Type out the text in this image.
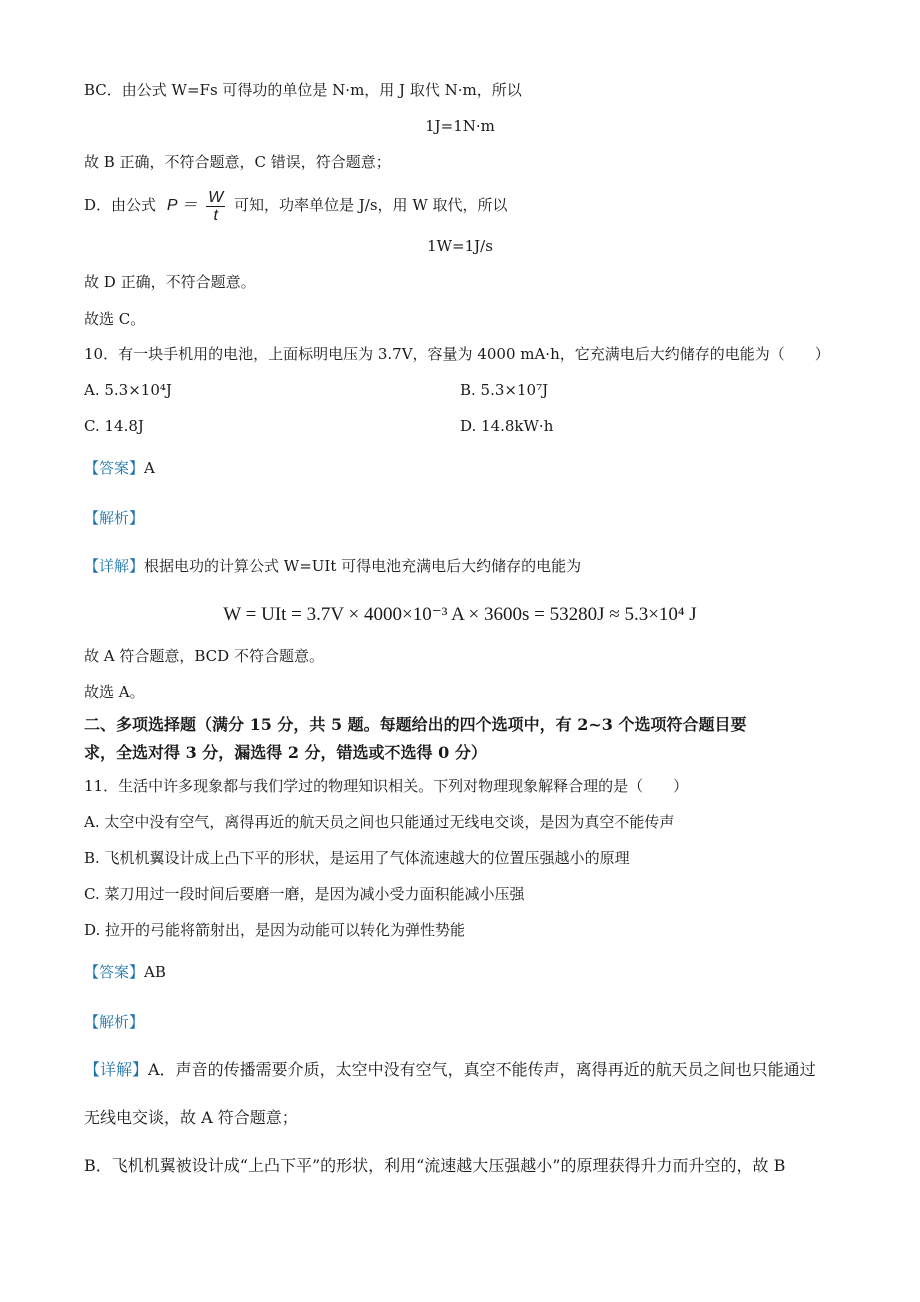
BC．由公式 W=Fs 可得功的单位是 N·m，用 J 取代 N·m，所以
1J=1N·m
故 B 正确，不符合题意，C 错误，符合题意；
D．由公式 $P = \frac{W}{t}$ 可知，功率单位是 J/s，用 W 取代，所以
1W=1J/s
故 D 正确，不符合题意。
故选 C。
10．有一块手机用的电池，上面标明电压为 3.7V，容量为 4000 mA·h，它充满电后大约储存的电能为（　　）
A. 5.3×10⁴J	B. 5.3×10⁷J
C. 14.8J	D. 14.8kW·h
【答案】A
【解析】
【详解】根据电功的计算公式 W=UIt 可得电池充满电后大约储存的电能为
W = UIt = 3.7V × 4000×10⁻³ A × 3600s = 53280J ≈ 5.3×10⁴ J
故 A 符合题意，BCD 不符合题意。
故选 A。
二、多项选择题（满分 15 分，共 5 题。每题给出的四个选项中，有 2~3 个选项符合题目要
求，全选对得 3 分，漏选得 2 分，错选或不选得 0 分）
11．生活中许多现象都与我们学过的物理知识相关。下列对物理现象解释合理的是（　　）
A. 太空中没有空气，离得再近的航天员之间也只能通过无线电交谈，是因为真空不能传声
B. 飞机机翼设计成上凸下平的形状，是运用了气体流速越大的位置压强越小的原理
C. 菜刀用过一段时间后要磨一磨，是因为减小受力面积能减小压强
D. 拉开的弓能将箭射出，是因为动能可以转化为弹性势能
【答案】AB
【解析】
【详解】A．声音的传播需要介质，太空中没有空气，真空不能传声，离得再近的航天员之间也只能通过
无线电交谈，故 A 符合题意；
B．飞机机翼被设计成“上凸下平”的形状，利用“流速越大压强越小”的原理获得升力而升空的，故 B
